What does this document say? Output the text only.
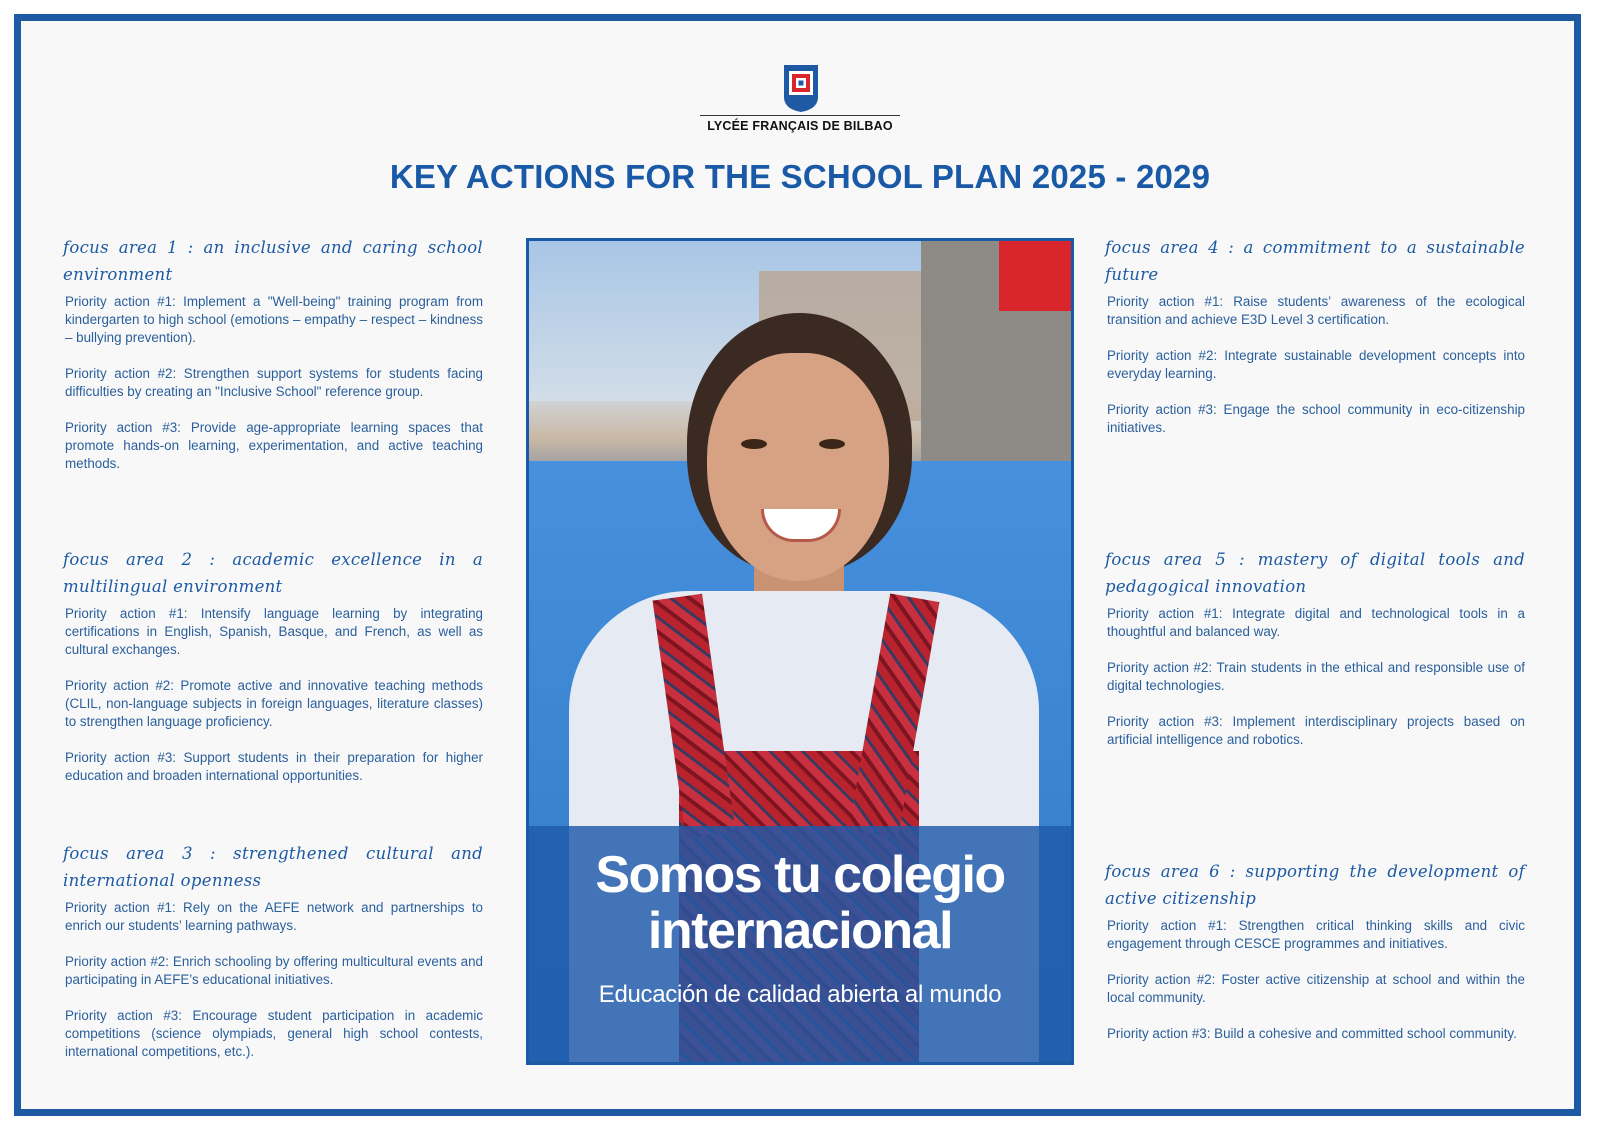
LYCÉE FRANÇAIS DE BILBAO
KEY ACTIONS FOR THE SCHOOL PLAN 2025 - 2029

focus area 1 : an inclusive and caring school environment

Priority action #1: Implement a "Well-being" training program from kindergarten to high school (emotions – empathy – respect – kindness – bullying prevention).

Priority action #2: Strengthen support systems for students facing difficulties by creating an "Inclusive School" reference group.

Priority action #3: Provide age-appropriate learning spaces that promote hands-on learning, experimentation, and active teaching methods.

focus area 2 : academic excellence in a multilingual environment

Priority action #1: Intensify language learning by integrating certifications in English, Spanish, Basque, and French, as well as cultural exchanges.

Priority action #2: Promote active and innovative teaching methods (CLIL, non-language subjects in foreign languages, literature classes) to strengthen language proficiency.

Priority action #3: Support students in their preparation for higher education and broaden international opportunities.

focus area 3 : strengthened cultural and international openness

Priority action #1: Rely on the AEFE network and partnerships to enrich our students’ learning pathways.

Priority action #2: Enrich schooling by offering multicultural events and participating in AEFE’s educational initiatives.

Priority action #3: Encourage student participation in academic competitions (science olympiads, general high school contests, international competitions, etc.).

focus area 4 : a commitment to a sustainable future

Priority action #1: Raise students’ awareness of the ecological transition and achieve E3D Level 3 certification.

Priority action #2: Integrate sustainable development concepts into everyday learning.

Priority action #3: Engage the school community in eco-citizenship initiatives.

focus area 5 : mastery of digital tools and pedagogical innovation

Priority action #1: Integrate digital and technological tools in a thoughtful and balanced way.

Priority action #2: Train students in the ethical and responsible use of digital technologies.

Priority action #3: Implement interdisciplinary projects based on artificial intelligence and robotics.

focus area 6 : supporting the development of active citizenship

Priority action #1: Strengthen critical thinking skills and civic engagement through CESCE programmes and initiatives.

Priority action #2: Foster active citizenship at school and within the local community.

Priority action #3: Build a cohesive and committed school community.

Somos tu colegio
internacional

Educación de calidad abierta al mundo
